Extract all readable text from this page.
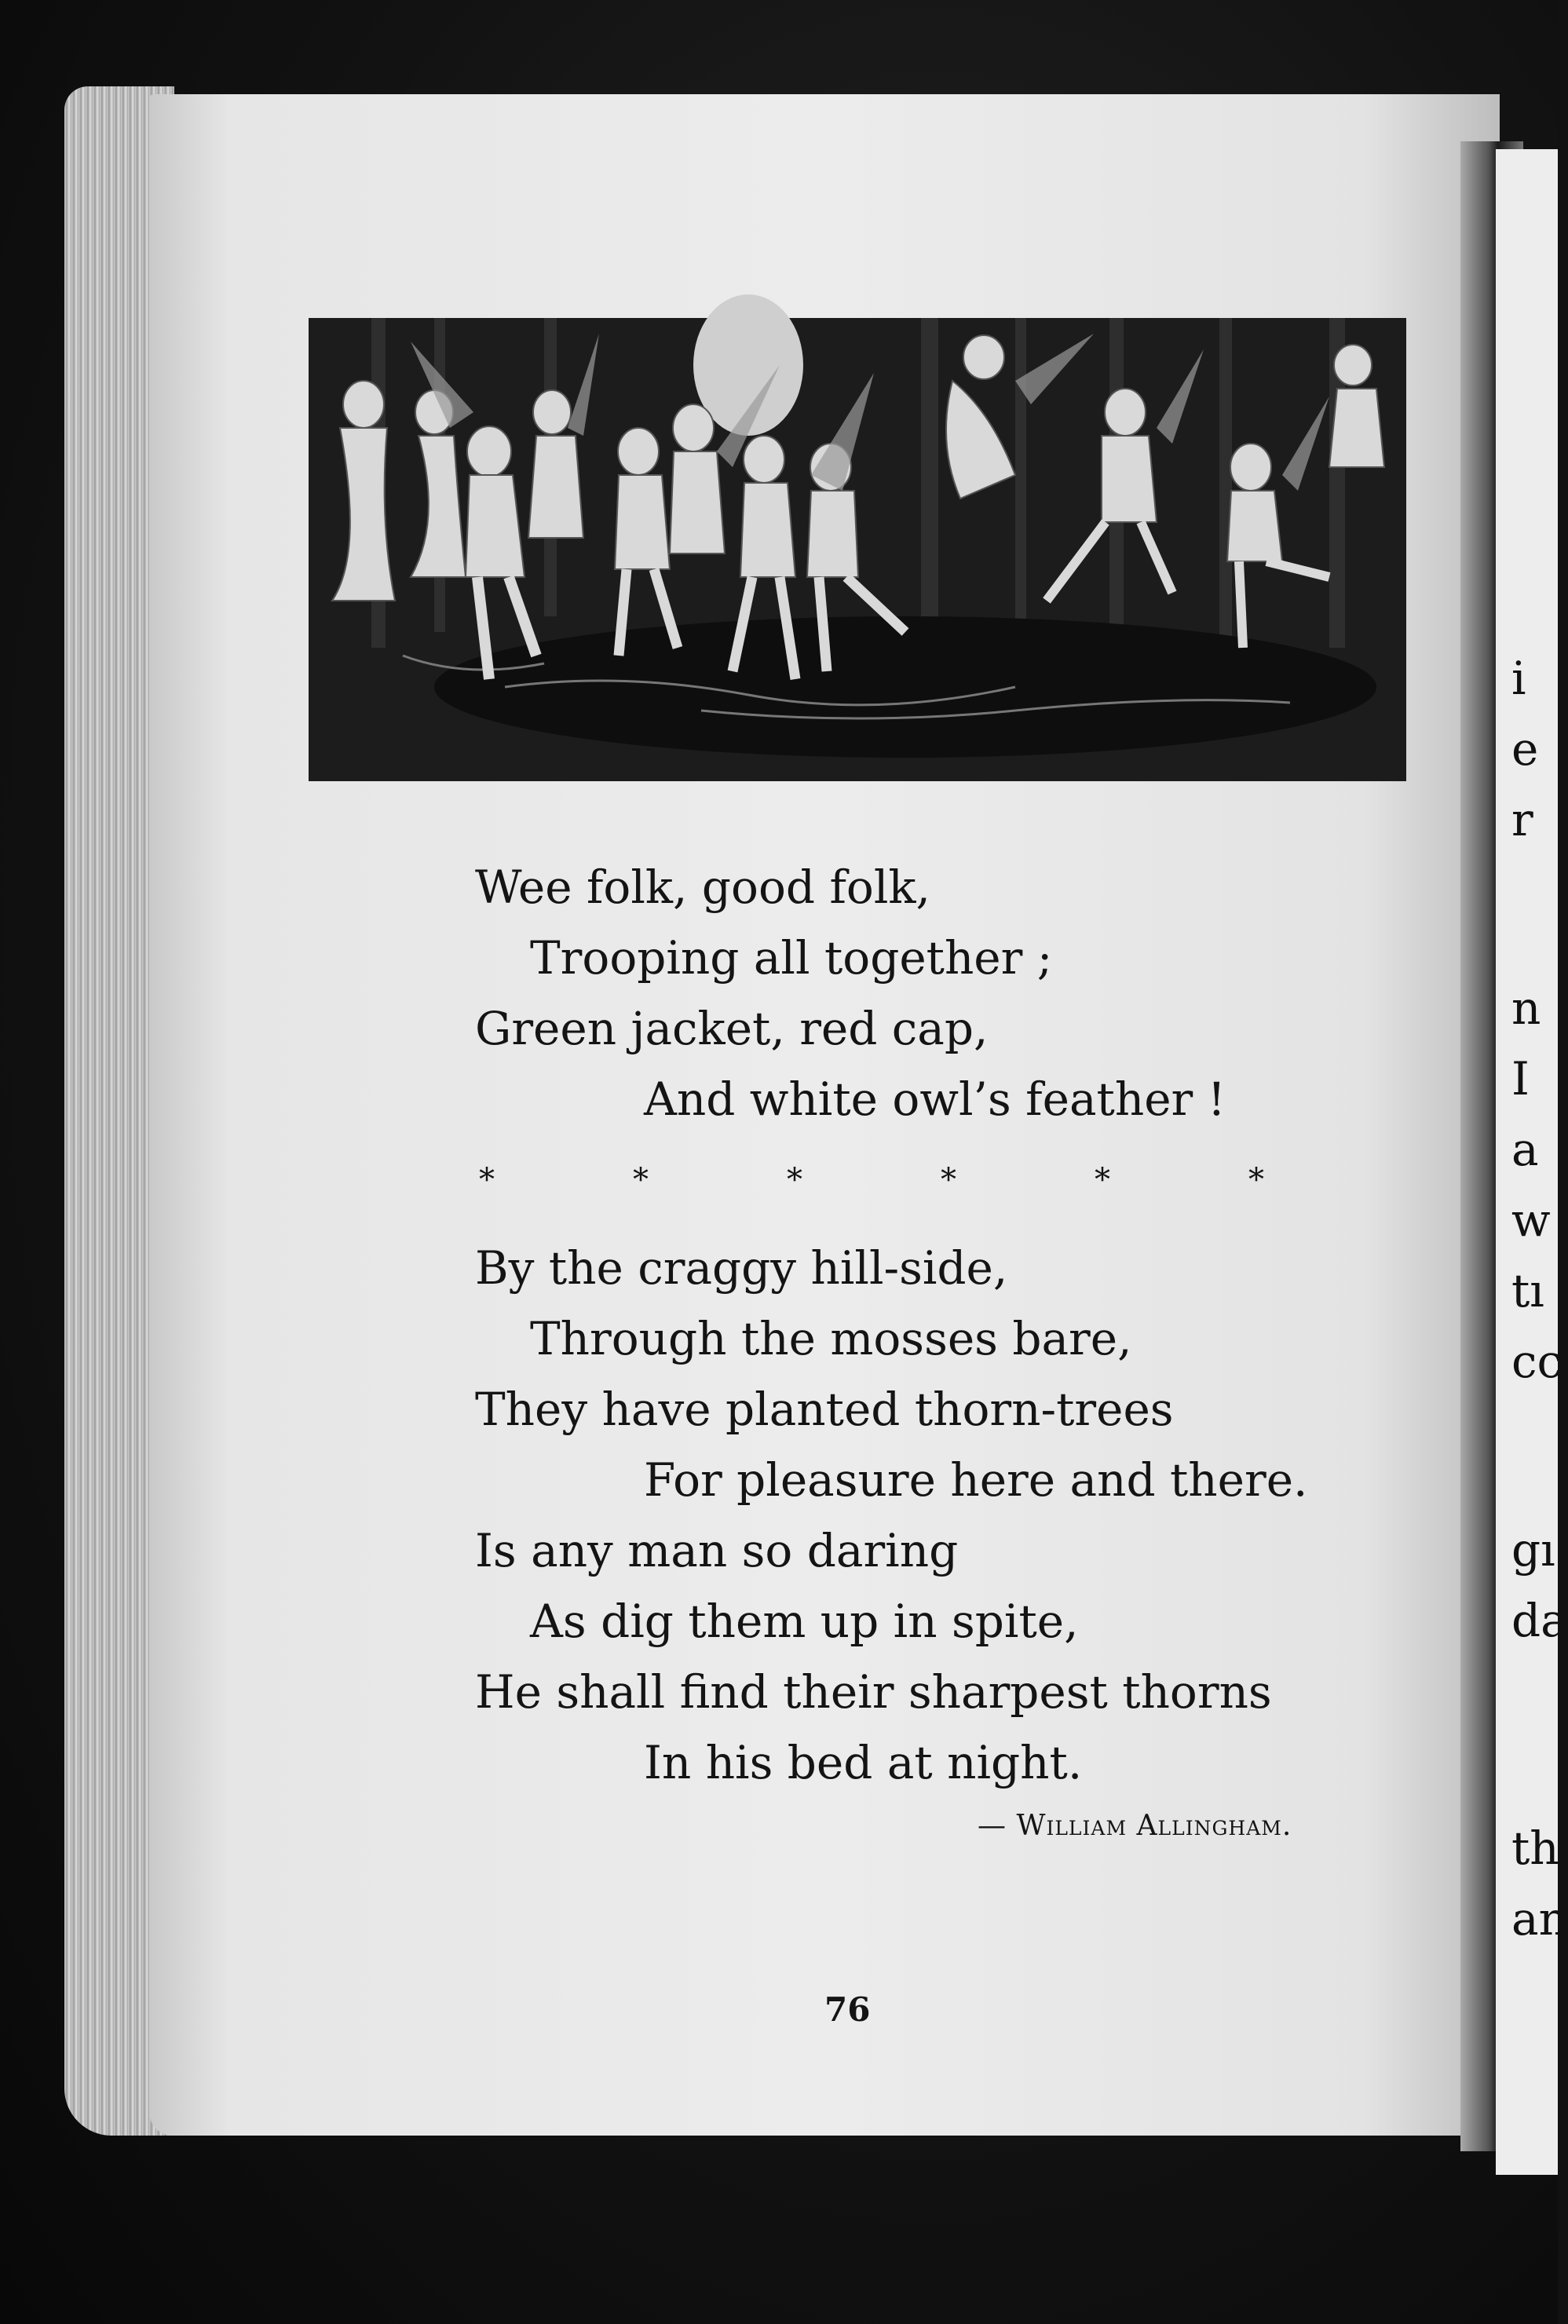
i
e
r
n
I
a
w
tı
cc
gı
da
th
an
Wee folk, good folk,
Trooping all together ;
Green jacket, red cap,
And white owl’s feather !
*	*	*	*	*	*
By the craggy hill-side,
Through the mosses bare,
They have planted thorn-trees
For pleasure here and there.
Is any man so daring
As dig them up in spite,
He shall find their sharpest thorns
In his bed at night.
— William Allingham.
76
